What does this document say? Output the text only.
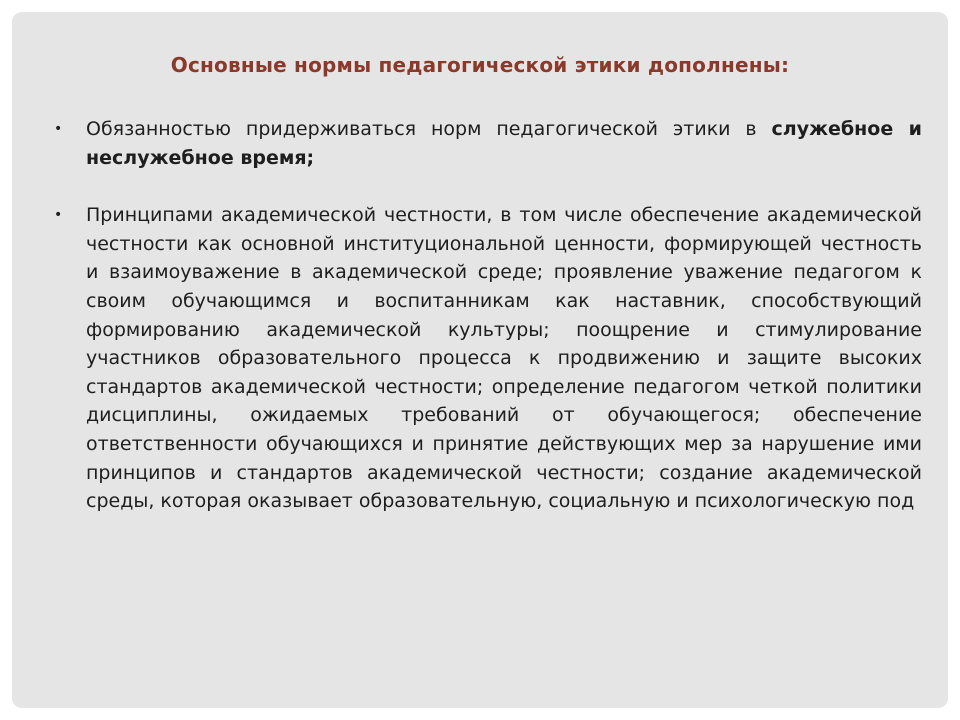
Основные нормы педагогической этики дополнены:
• Обязанностью придерживаться норм педагогической этики в служебное и неслужебное время;
• Принципами академической честности, в том числе обеспечение академической честности как основной институциональной ценности, формирующей честность и взаимоуважение в академической среде; проявление уважение педагогом к своим обучающимся и воспитанникам как наставник, способствующий формированию академической культуры; поощрение и стимулирование участников образовательного процесса к продвижению и защите высоких стандартов академической честности; определение педагогом четкой политики дисциплины, ожидаемых требований от обучающегося; обеспечение ответственности обучающихся и принятие действующих мер за нарушение ими принципов и стандартов академической честности; создание академической среды, которая оказывает образовательную, социальную и психологическую под
